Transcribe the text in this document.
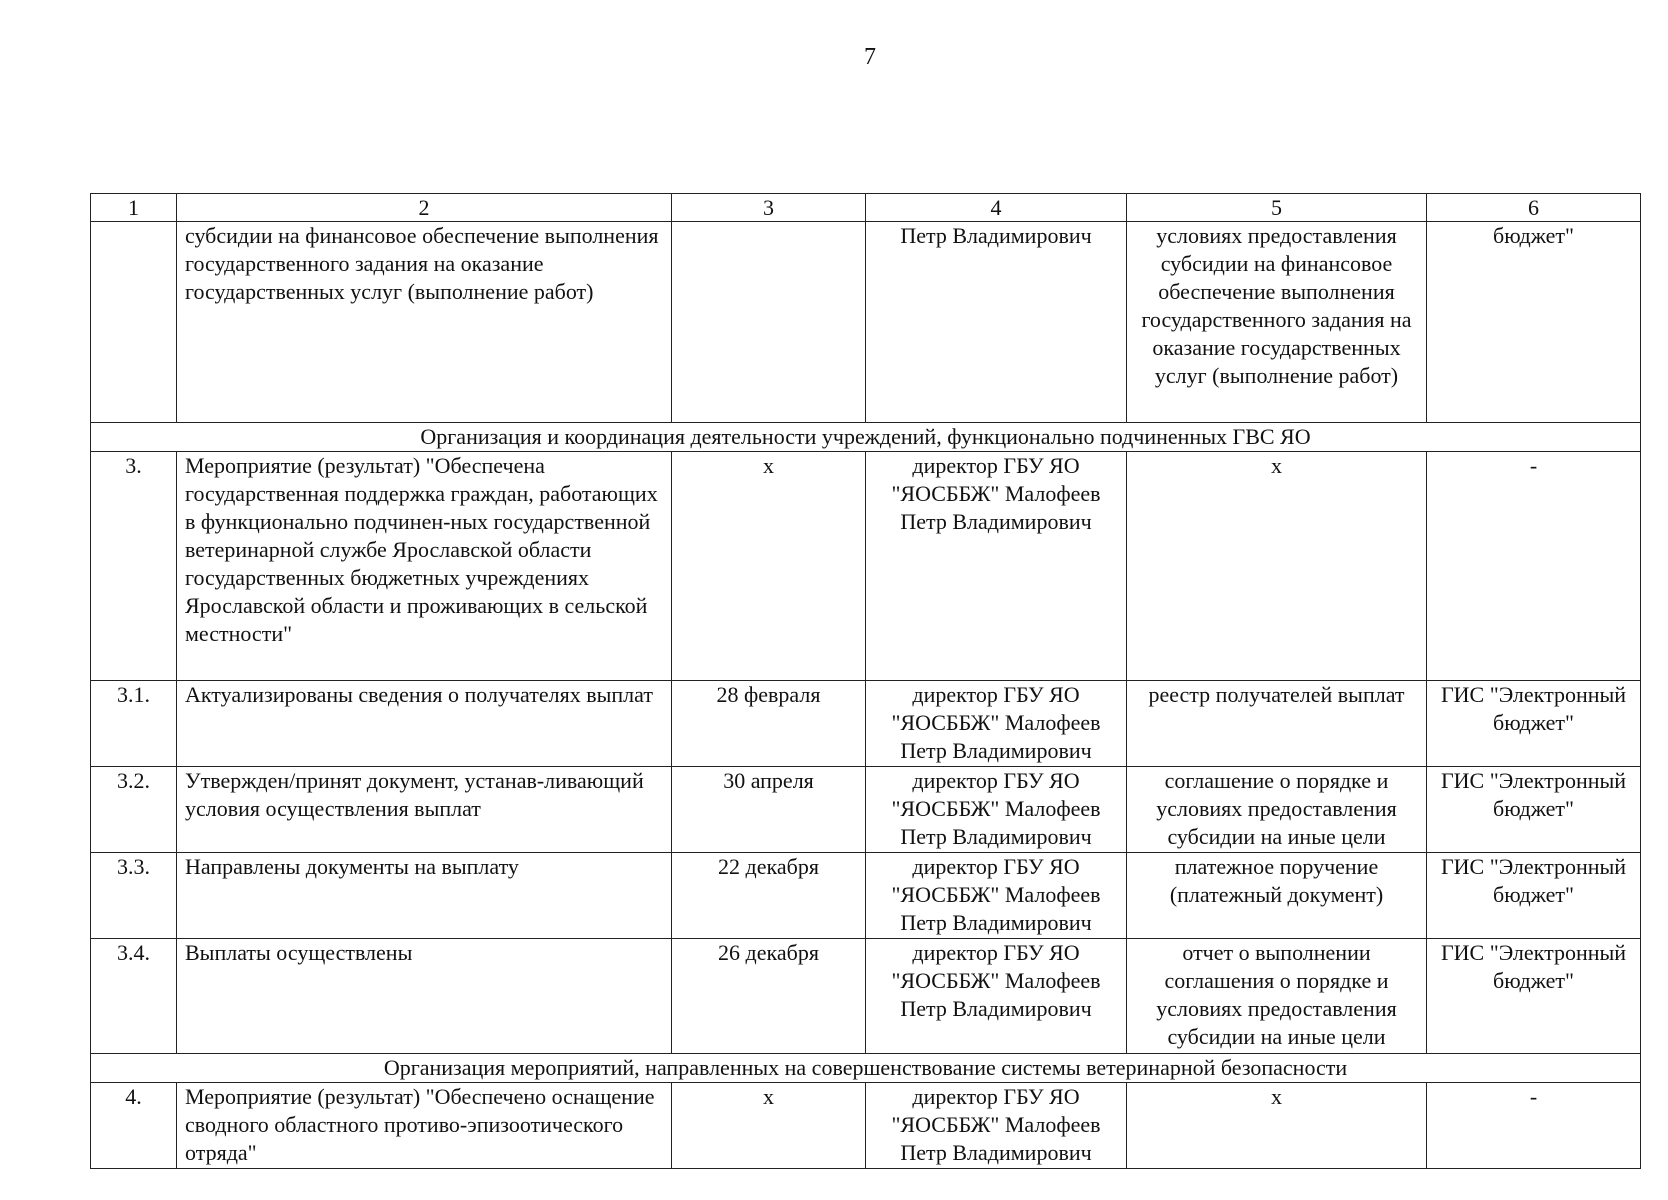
7
1	2	3	4	5	6
	субсидии на финансовое обеспечение выполнения государственного задания на оказание государственных услуг (выполнение работ)		Петр Владимирович	условиях предоставления субсидии на финансовое обеспечение выполнения государственного задания на оказание государственных услуг (выполнение работ)	бюджет"
Организация и координация деятельности учреждений, функционально подчиненных ГВС ЯО					
3.	Мероприятие (результат) "Обеспечена государственная поддержка граждан, работающих в функционально подчинен-ных государственной ветеринарной службе Ярославской области государственных бюджетных учреждениях Ярославской области и проживающих в сельской местности"	х	директор ГБУ ЯО "ЯОСББЖ" Малофеев Петр Владимирович	х	-
3.1.	Актуализированы сведения о получателях выплат	28 февраля	директор ГБУ ЯО "ЯОСББЖ" Малофеев Петр Владимирович	реестр получателей выплат	ГИС "Электронный бюджет"
3.2.	Утвержден/принят документ, устанав-ливающий условия осуществления выплат	30 апреля	директор ГБУ ЯО "ЯОСББЖ" Малофеев Петр Владимирович	соглашение о порядке и условиях предоставления субсидии на иные цели	ГИС "Электронный бюджет"
3.3.	Направлены документы на выплату	22 декабря	директор ГБУ ЯО "ЯОСББЖ" Малофеев Петр Владимирович	платежное поручение (платежный документ)	ГИС "Электронный бюджет"
3.4.	Выплаты осуществлены	26 декабря	директор ГБУ ЯО "ЯОСББЖ" Малофеев Петр Владимирович	отчет о выполнении соглашения о порядке и условиях предоставления субсидии на иные цели	ГИС "Электронный бюджет"
Организация мероприятий, направленных на совершенствование системы ветеринарной безопасности					
4.	Мероприятие (результат) "Обеспечено оснащение сводного областного противо-эпизоотического отряда"	х	директор ГБУ ЯО "ЯОСББЖ" Малофеев Петр Владимирович	х	-
